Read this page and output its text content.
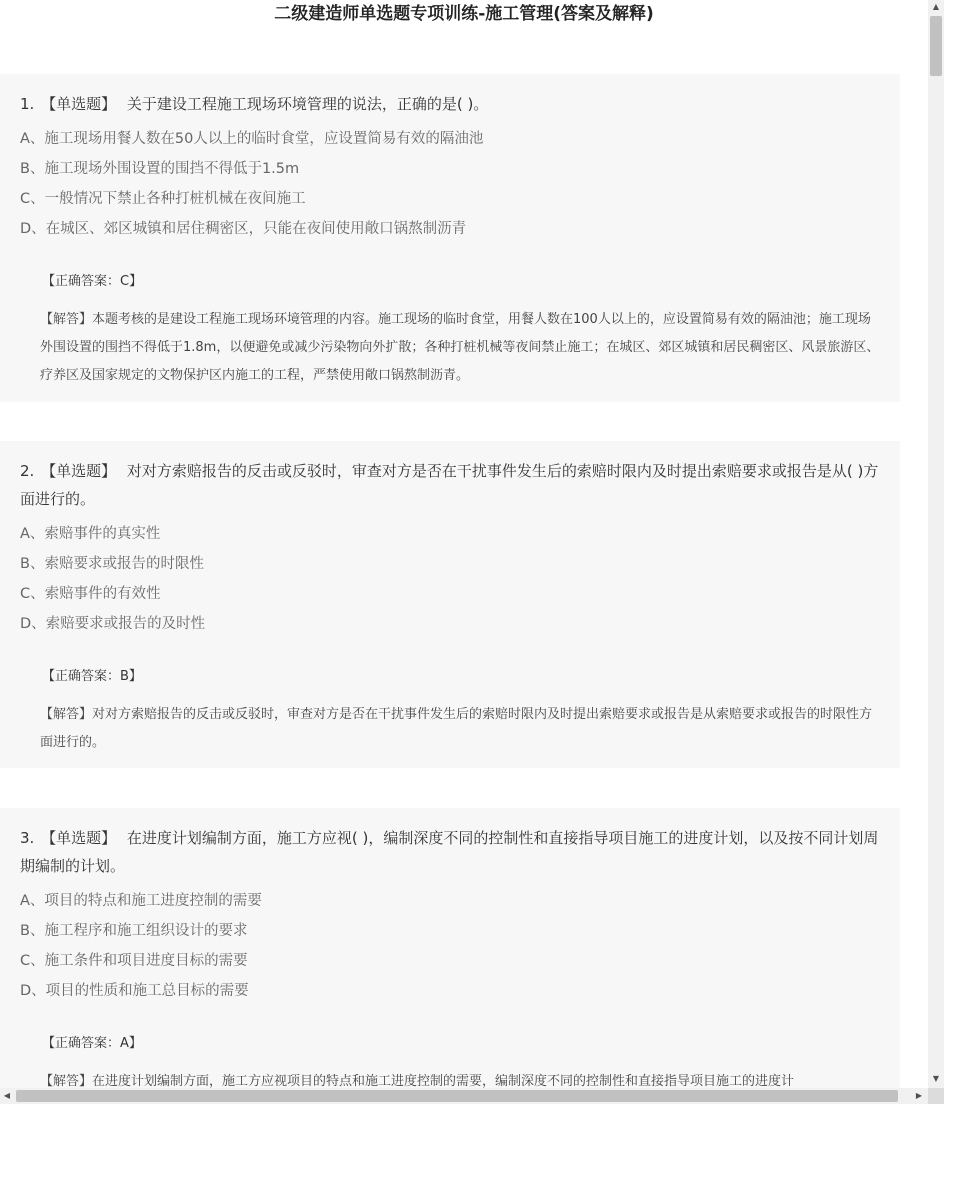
二级建造师单选题专项训练-施工管理(答案及解释)

1. 【单选题】 关于建设工程施工现场环境管理的说法，正确的是( )。

A、施工现场用餐人数在50人以上的临时食堂，应设置简易有效的隔油池

B、施工现场外围设置的围挡不得低于1.5m

C、一般情况下禁止各种打桩机械在夜间施工

D、在城区、郊区城镇和居住稠密区，只能在夜间使用敞口锅熬制沥青

【正确答案：C】

【解答】本题考核的是建设工程施工现场环境管理的内容。施工现场的临时食堂，用餐人数在100人以上的，应设置简易有效的隔油池；施工现场外围设置的围挡不得低于1.8m，以便避免或减少污染物向外扩散；各种打桩机械等夜间禁止施工；在城区、郊区城镇和居民稠密区、风景旅游区、疗养区及国家规定的文物保护区内施工的工程，严禁使用敞口锅熬制沥青。

2. 【单选题】 对对方索赔报告的反击或反驳时，审查对方是否在干扰事件发生后的索赔时限内及时提出索赔要求或报告是从( )方面进行的。

A、索赔事件的真实性

B、索赔要求或报告的时限性

C、索赔事件的有效性

D、索赔要求或报告的及时性

【正确答案：B】

【解答】对对方索赔报告的反击或反驳时，审查对方是否在干扰事件发生后的索赔时限内及时提出索赔要求或报告是从索赔要求或报告的时限性方面进行的。

3. 【单选题】 在进度计划编制方面，施工方应视( )，编制深度不同的控制性和直接指导项目施工的进度计划，以及按不同计划周期编制的计划。

A、项目的特点和施工进度控制的需要

B、施工程序和施工组织设计的要求

C、施工条件和项目进度目标的需要

D、项目的性质和施工总目标的需要

【正确答案：A】

【解答】在进度计划编制方面，施工方应视项目的特点和施工进度控制的需要，编制深度不同的控制性和直接指导项目施工的进度计

▲
▼
◀	▶
